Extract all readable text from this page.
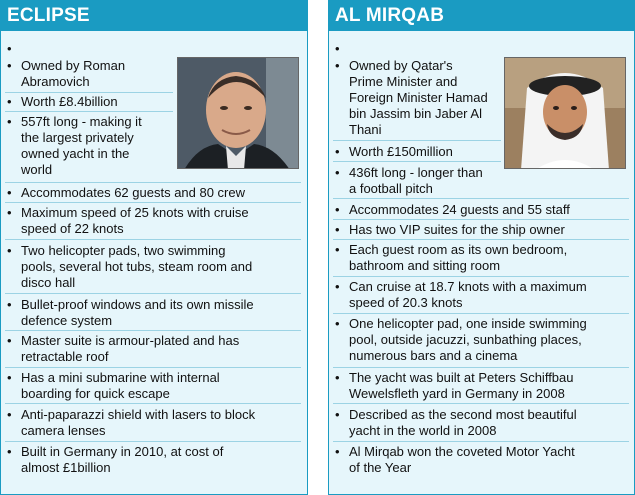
ECLIPSE
• Owned by Roman
Abramovich
• Worth £8.4billion
• 557ft long - making it
the largest privately
owned yacht in the
world
• Accommodates 62 guests and 80 crew
• Maximum speed of 25 knots with cruise
speed of 22 knots
• Two helicopter pads, two swimming
pools, several hot tubs, steam room and
disco hall
• Bullet-proof windows and its own missile
defence system
• Master suite is armour-plated and has
retractable roof
• Has a mini submarine with internal
boarding for quick escape
• Anti-paparazzi shield with lasers to block
camera lenses
• Built in Germany in 2010, at cost of
almost £1billion
AL MIRQAB
• Owned by Qatar's
Prime Minister and
Foreign Minister Hamad
bin Jassim bin Jaber Al
Thani
• Worth £150million
• 436ft long - longer than
a football pitch
• Accommodates 24 guests and 55 staff
• Has two VIP suites for the ship owner
• Each guest room as its own bedroom,
bathroom and sitting room
• Can cruise at 18.7 knots with a maximum
speed of 20.3 knots
• One helicopter pad, one inside swimming
pool, outside jacuzzi, sunbathing places,
numerous bars and a cinema
• The yacht was built at Peters Schiffbau
Wewelsfleth yard in Germany in 2008
• Described as the second most beautiful
yacht in the world in 2008
• Al Mirqab won the coveted Motor Yacht
of the Year
